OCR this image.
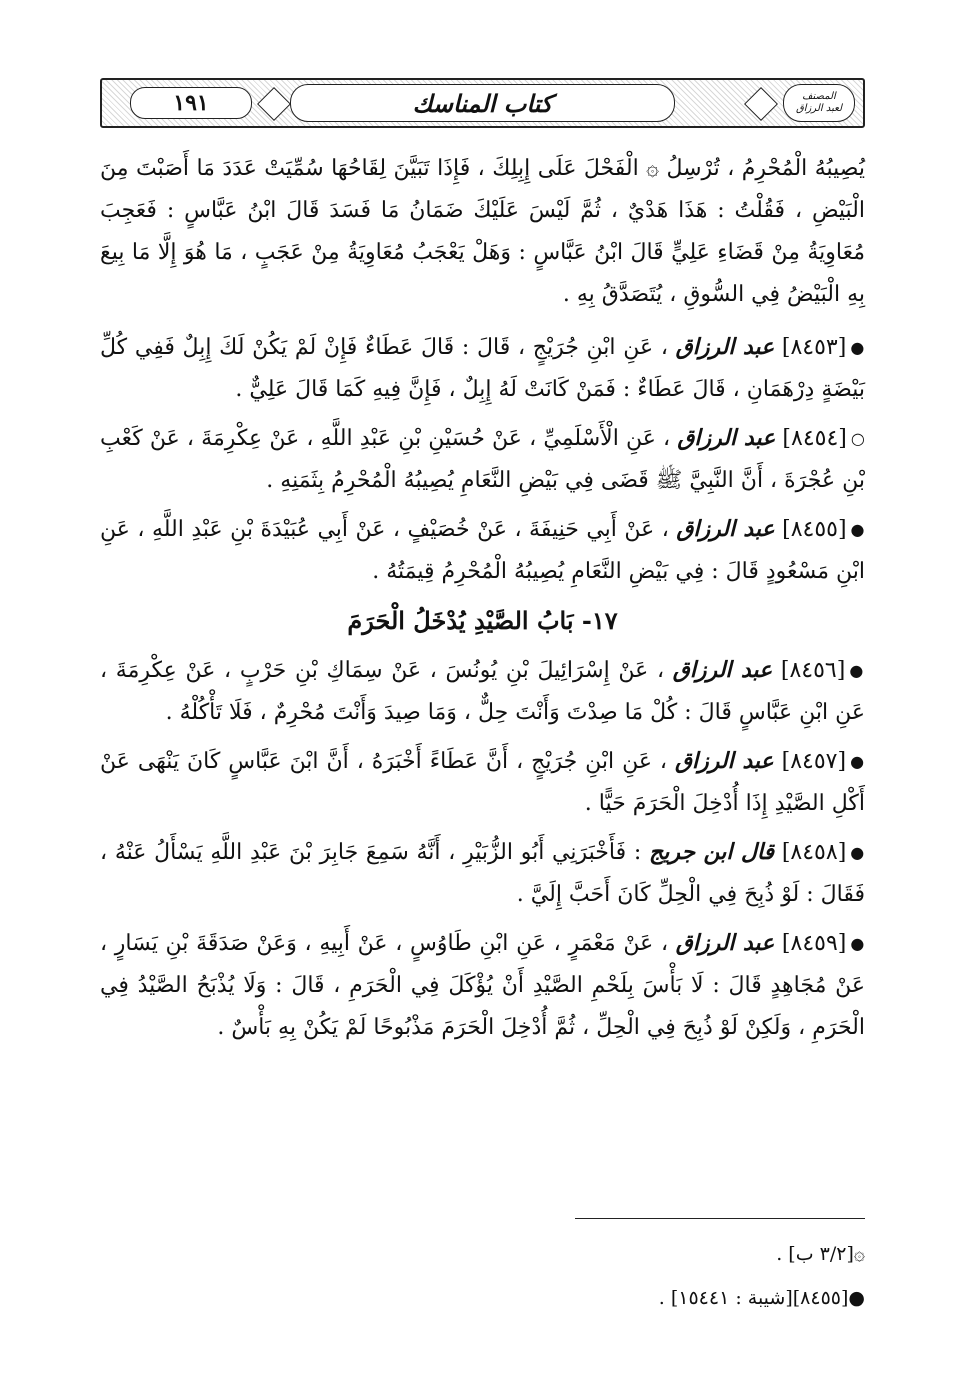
المصنف
لعبد الرزاق
كتاب المناسك
١٩١

يُصِيبُهُ الْمُحْرِمُ ، تُرْسِلُ ۞ الْفَحْلَ عَلَى إِبِلِكَ ، فَإِذَا تَبَيَّنَ لِقَاحُهَا سُمِّيَتْ عَدَدَ مَا أَصَبْتَ مِنَ الْبَيْضِ ، فَقُلْتُ : هَذَا هَدْيٌ ، ثُمَّ لَيْسَ عَلَيْكَ ضَمَانُ مَا فَسَدَ قَالَ ابْنُ عَبَّاسٍ : فَعَجِبَ مُعَاوِيَةُ مِنْ قَضَاءِ عَلِيٍّ قَالَ ابْنُ عَبَّاسٍ : وَهَلْ يَعْجَبُ مُعَاوِيَةُ مِنْ عَجَبٍ ، مَا هُوَ إِلَّا مَا بِيعَ بِهِ الْبَيْضُ فِي السُّوقِ ، يُتَصَدَّقُ بِهِ .

●[٨٤٥٣] عبد الرزاق ، عَنِ ابْنِ جُرَيْجٍ ، قَالَ : قَالَ عَطَاءٌ فَإِنْ لَمْ يَكُنْ لَكَ إِبِلٌ فَفِي كُلِّ بَيْضَةٍ دِرْهَمَانِ ، قَالَ عَطَاءٌ : فَمَنْ كَانَتْ لَهُ إِبِلٌ ، فَإِنَّ فِيهِ كَمَا قَالَ عَلِيٌّ .

○[٨٤٥٤] عبد الرزاق ، عَنِ الْأَسْلَمِيِّ ، عَنْ حُسَيْنِ بْنِ عَبْدِ اللَّهِ ، عَنْ عِكْرِمَةَ ، عَنْ كَعْبِ بْنِ عُجْرَةَ ، أَنَّ النَّبِيَّ ﷺ قَضَى فِي بَيْضِ النَّعَامِ يُصِيبُهُ الْمُحْرِمُ بِثَمَنِهِ .

●[٨٤٥٥] عبد الرزاق ، عَنْ أَبِي حَنِيفَةَ ، عَنْ خُصَيْفٍ ، عَنْ أَبِي عُبَيْدَةَ بْنِ عَبْدِ اللَّهِ ، عَنِ ابْنِ مَسْعُودٍ قَالَ : فِي بَيْضِ النَّعَامِ يُصِيبُهُ الْمُحْرِمُ قِيمَتُهُ .

١٧- بَابُ الصَّيْدِ يُدْخَلُ الْحَرَمَ

●[٨٤٥٦] عبد الرزاق ، عَنْ إِسْرَائِيلَ بْنِ يُونُسَ ، عَنْ سِمَاكِ بْنِ حَرْبٍ ، عَنْ عِكْرِمَةَ ، عَنِ ابْنِ عَبَّاسٍ قَالَ : كُلْ مَا صِدْتَ وَأَنْتَ حِلٌّ ، وَمَا صِيدَ وَأَنْتَ مُحْرِمٌ ، فَلَا تَأْكُلْهُ .

●[٨٤٥٧] عبد الرزاق ، عَنِ ابْنِ جُرَيْجٍ ، أَنَّ عَطَاءً أَخْبَرَهُ ، أَنَّ ابْنَ عَبَّاسٍ كَانَ يَنْهَى عَنْ أَكْلِ الصَّيْدِ إِذَا أُدْخِلَ الْحَرَمَ حَيًّا .

●[٨٤٥٨] قال ابن جريج : فَأَخْبَرَنِي أَبُو الزُّبَيْرِ ، أَنَّهُ سَمِعَ جَابِرَ بْنَ عَبْدِ اللَّهِ يَسْأَلُ عَنْهُ ، فَقَالَ : لَوْ ذُبِحَ فِي الْحِلِّ كَانَ أَحَبَّ إِلَيَّ .

●[٨٤٥٩] عبد الرزاق ، عَنْ مَعْمَرٍ ، عَنِ ابْنِ طَاوُسٍ ، عَنْ أَبِيهِ ، وَعَنْ صَدَقَةَ بْنِ يَسَارٍ ، عَنْ مُجَاهِدٍ قَالَ : لَا بَأْسَ بِلَحْمِ الصَّيْدِ أَنْ يُؤْكَلَ فِي الْحَرَمِ ، قَالَ : وَلَا يُذْبَحُ الصَّيْدُ فِي الْحَرَمِ ، وَلَكِنْ لَوْ ذُبِحَ فِي الْحِلِّ ، ثُمَّ أُدْخِلَ الْحَرَمَ مَذْبُوحًا لَمْ يَكُنْ بِهِ بَأْسٌ .

۞[٣/٢ ب] .

●[٨٤٥٥][شيبة : ١٥٤٤١] .
